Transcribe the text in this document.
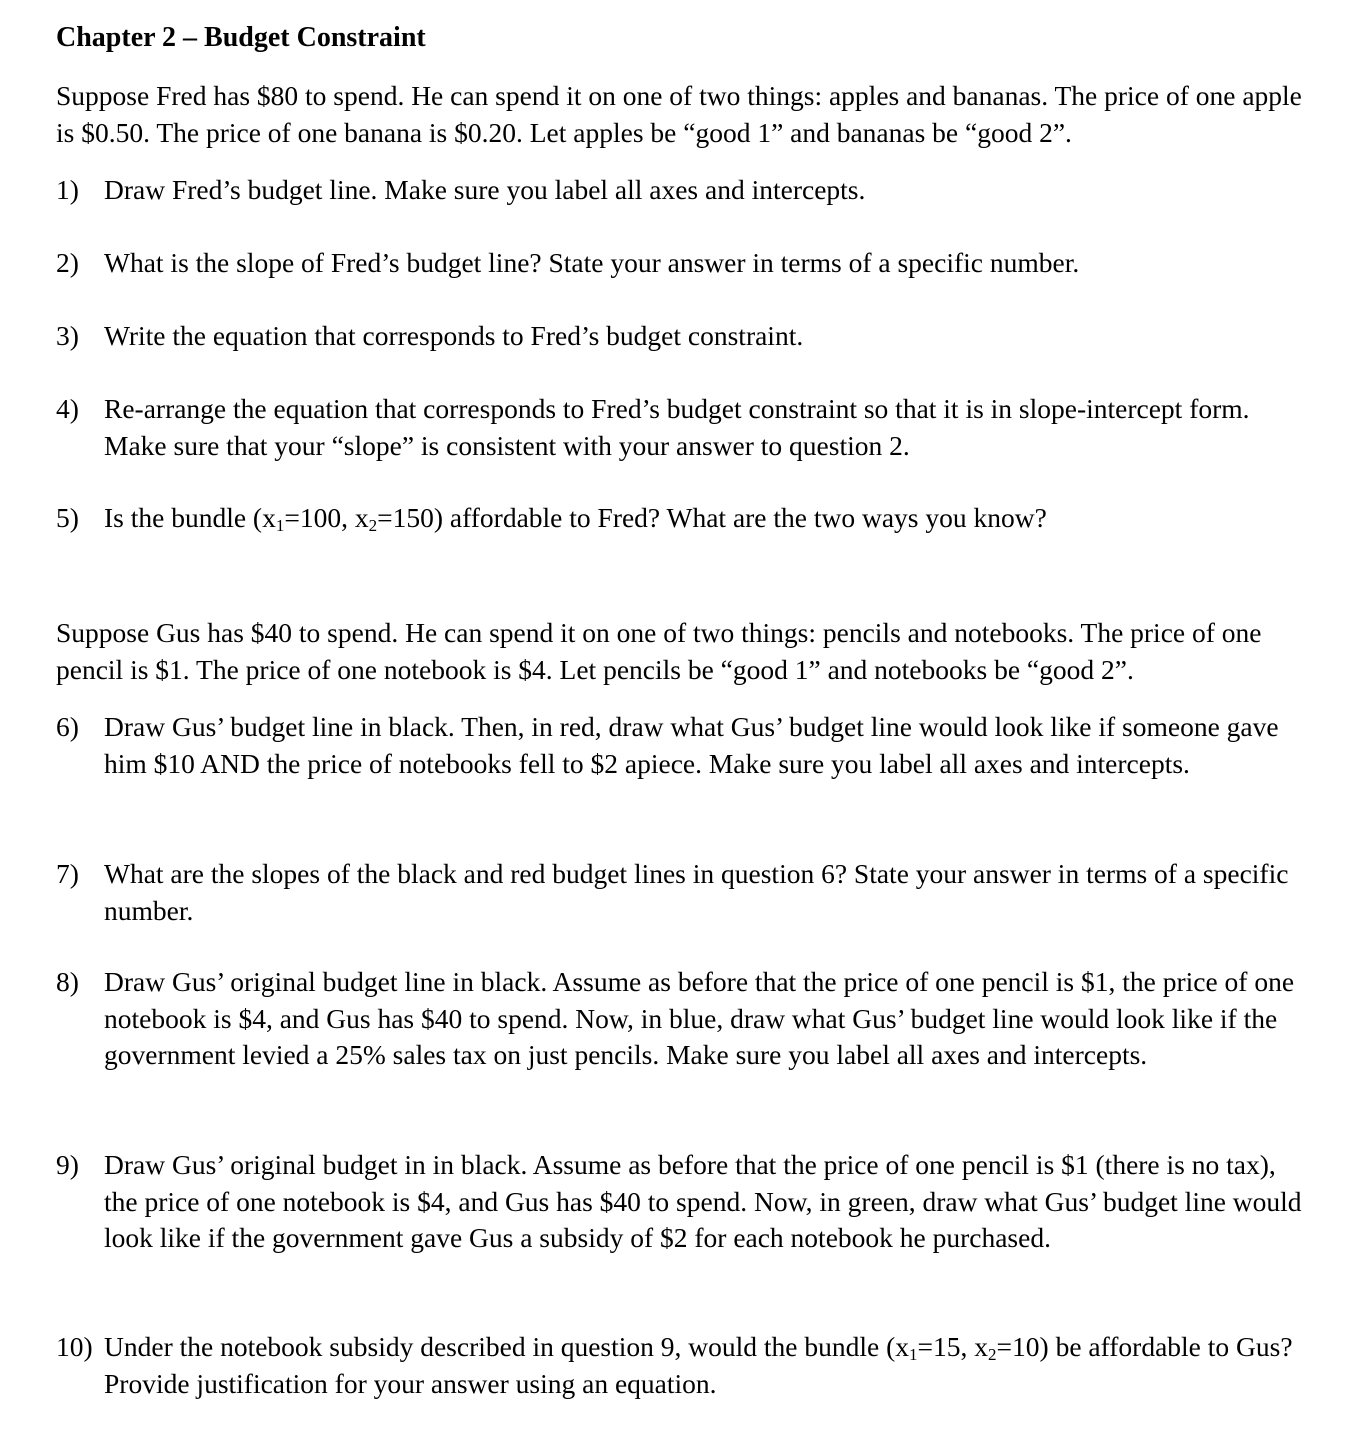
Chapter 2 – Budget Constraint

Suppose Fred has $80 to spend. He can spend it on one of two things: apples and bananas. The price of one apple is $0.50. The price of one banana is $0.20. Let apples be “good 1” and bananas be “good 2”.

1) Draw Fred’s budget line. Make sure you label all axes and intercepts.
2) What is the slope of Fred’s budget line? State your answer in terms of a specific number.
3) Write the equation that corresponds to Fred’s budget constraint.
4) Re-arrange the equation that corresponds to Fred’s budget constraint so that it is in slope-intercept form. Make sure that your “slope” is consistent with your answer to question 2.
5) Is the bundle ($x_1=100$, $x_2=150$) affordable to Fred? What are the two ways you know?

Suppose Gus has $40 to spend. He can spend it on one of two things: pencils and notebooks. The price of one pencil is $1. The price of one notebook is $4. Let pencils be “good 1” and notebooks be “good 2”.

6) Draw Gus’ budget line in black. Then, in red, draw what Gus’ budget line would look like if someone gave him $10 AND the price of notebooks fell to $2 apiece. Make sure you label all axes and intercepts.
7) What are the slopes of the black and red budget lines in question 6? State your answer in terms of a specific number.
8) Draw Gus’ original budget line in black. Assume as before that the price of one pencil is $1, the price of one notebook is $4, and Gus has $40 to spend. Now, in blue, draw what Gus’ budget line would look like if the government levied a 25% sales tax on just pencils. Make sure you label all axes and intercepts.
9) Draw Gus’ original budget in in black. Assume as before that the price of one pencil is $1 (there is no tax), the price of one notebook is $4, and Gus has $40 to spend. Now, in green, draw what Gus’ budget line would look like if the government gave Gus a subsidy of $2 for each notebook he purchased.
10) Under the notebook subsidy described in question 9, would the bundle ($x_1=15$, $x_2=10$) be affordable to Gus? Provide justification for your answer using an equation.
